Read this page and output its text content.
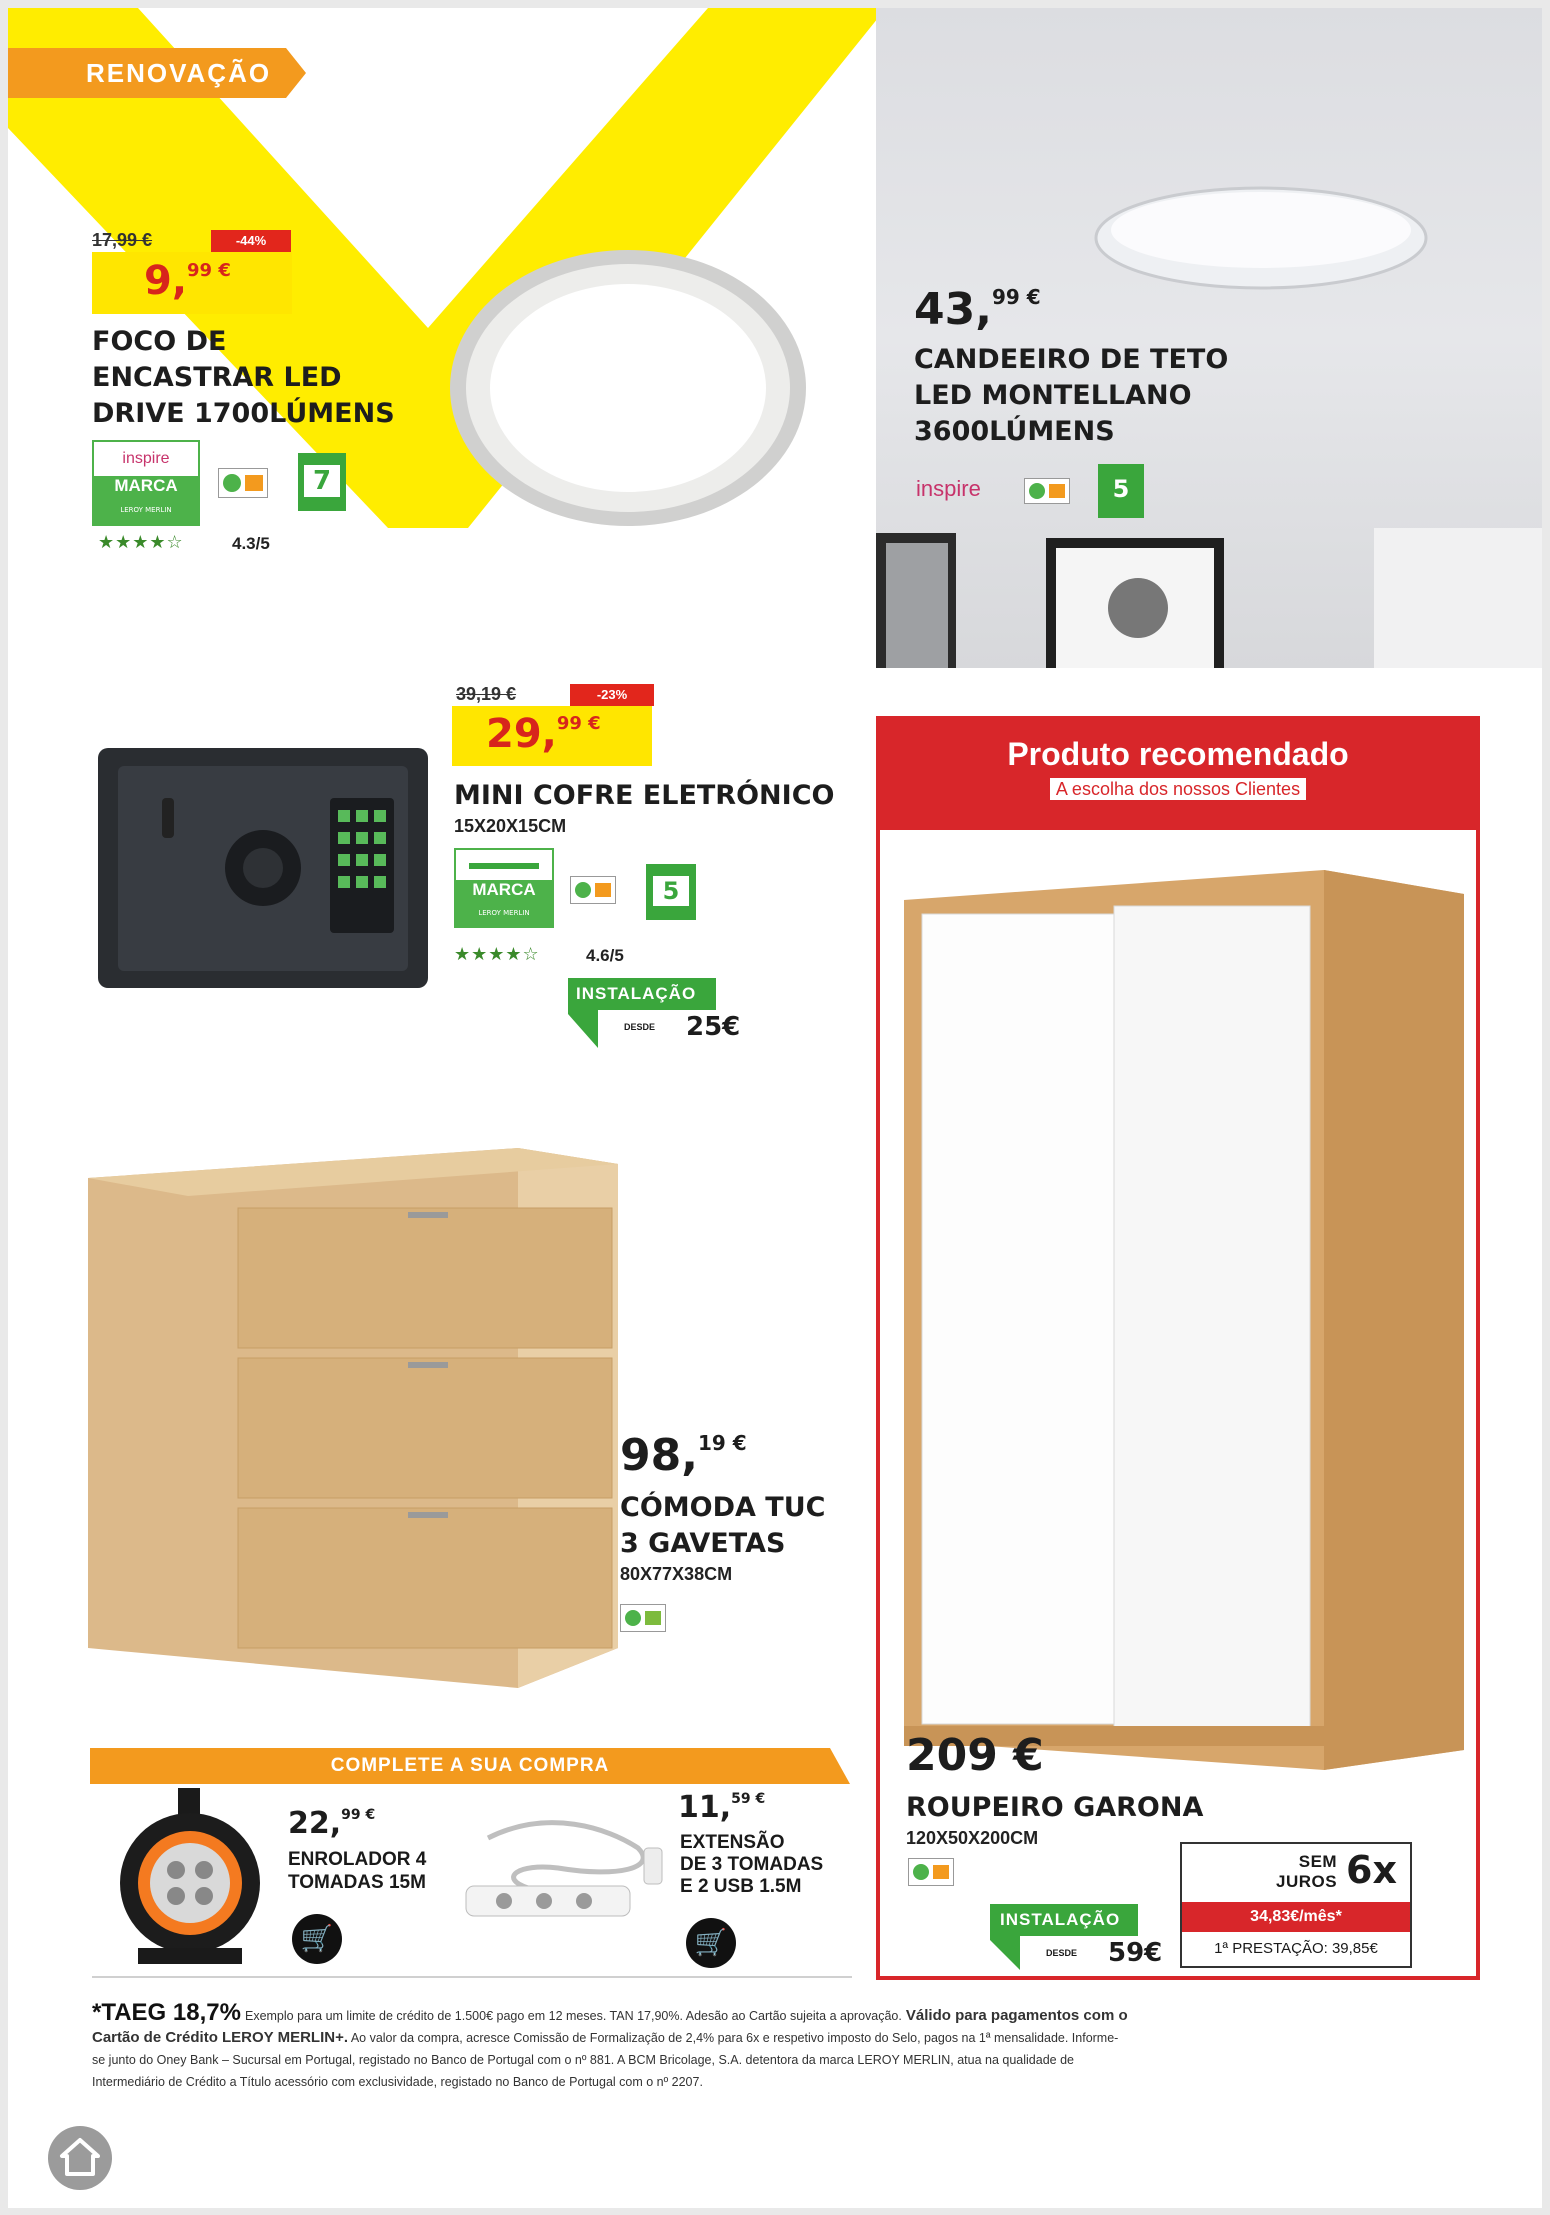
RENOVAÇÃO
17,99 €	-44%
9,99 €
FOCO DE
ENCASTRAR LED
DRIVE 1700LÚMENS
inspire
MARCA
LEROY MERLIN

7
★★★★☆	4.3/5
43,99 €
CANDEEIRO DE TETO
LED MONTELLANO
3600LÚMENS
inspire
	5
39,19 €	-23%
29,99 €
MINI COFRE ELETRÓNICO
15X20X15CM
MARCA
LEROY MERLIN

5
★★★★☆	4.6/5
INSTALAÇÃO
DESDE 25€
Produto recomendado
A escolha dos nossos Clientes
209 €
ROUPEIRO GARONA
120X50X200CM
INSTALAÇÃO
DESDE 59€
SEM
JUROS 6x
34,83€/mês*
1ª PRESTAÇÃO: 39,85€
98,19 €
CÓMODA TUC
3 GAVETAS
80X77X38CM
COMPLETE A SUA COMPRA
22,99 €
ENROLADOR 4
TOMADAS 15M
🛒
11,59 €
EXTENSÃO
DE 3 TOMADAS
E 2 USB 1.5M
🛒
*TAEG 18,7% Exemplo para um limite de crédito de 1.500€ pago em 12 meses. TAN 17,90%. Adesão ao Cartão sujeita a aprovação. Válido para pagamentos com o
Cartão de Crédito LEROY MERLIN+. Ao valor da compra, acresce Comissão de Formalização de 2,4% para 6x e respetivo imposto do Selo, pagos na 1ª mensalidade. Informe-
se junto do Oney Bank – Sucursal em Portugal, registado no Banco de Portugal com o nº 881. A BCM Bricolage, S.A. detentora da marca LEROY MERLIN, atua na qualidade de
Intermediário de Crédito a Título acessório com exclusividade, registado no Banco de Portugal com o nº 2207.
